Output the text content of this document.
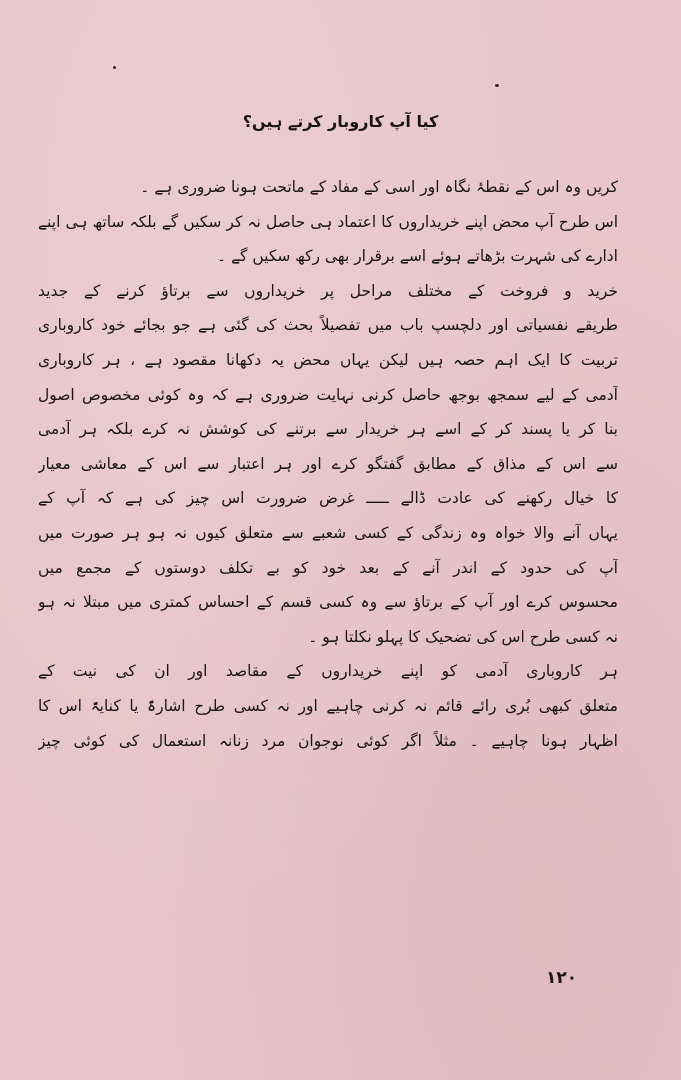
کیا آپ کاروبار کرتے ہیں؟
کریں وہ اس کے نقطۂ نگاہ اور اسی کے مفاد کے ماتحت ہونا ضروری ہے ۔
اس طرح آپ محض اپنے خریداروں کا اعتماد ہی حاصل نہ کر سکیں گے بلکہ ساتھ ہی اپنے
ادارے کی شہرت بڑھاتے ہوئے اسے برقرار بھی رکھ سکیں گے ۔
خرید و فروخت کے مختلف مراحل پر خریداروں سے برتاؤ کرنے کے جدید
طریقے نفسیاتی اور دلچسپ باب میں تفصیلاً بحث کی گئی ہے جو بجائے خود کاروباری
تربیت کا ایک اہم حصہ ہیں لیکن یہاں محض یہ دکھانا مقصود ہے ، ہر کاروباری
آدمی کے لیے سمجھ بوجھ حاصل کرنی نہایت ضروری ہے کہ وہ کوئی مخصوص اصول
بنا کر یا پسند کر کے اسے ہر خریدار سے برتنے کی کوشش نہ کرے بلکہ ہر آدمی
سے اس کے مذاق کے مطابق گفتگو کرے اور ہر اعتبار سے اس کے معاشی معیار
کا خیال رکھنے کی عادت ڈالے ـــــ غرض ضرورت اس چیز کی ہے کہ آپ کے
یہاں آنے والا خواہ وہ زندگی کے کسی شعبے سے متعلق کیوں نہ ہو ہر صورت میں
آپ کی حدود کے اندر آنے کے بعد خود کو بے تکلف دوستوں کے مجمع میں
محسوس کرے اور آپ کے برتاؤ سے وہ کسی قسم کے احساس کمتری میں مبتلا نہ ہو
نہ کسی طرح اس کی تضحیک کا پہلو نکلتا ہو ۔
ہر کاروباری آدمی کو اپنے خریداروں کے مقاصد اور ان کی نیت کے
متعلق کبھی بُری رائے قائم نہ کرنی چاہیے اور نہ کسی طرح اشارۃً یا کنایۃً اس کا
اظہار ہونا چاہیے ۔ مثلاً اگر کوئی نوجوان مرد زنانہ استعمال کی کوئی چیز
۱۲۰
